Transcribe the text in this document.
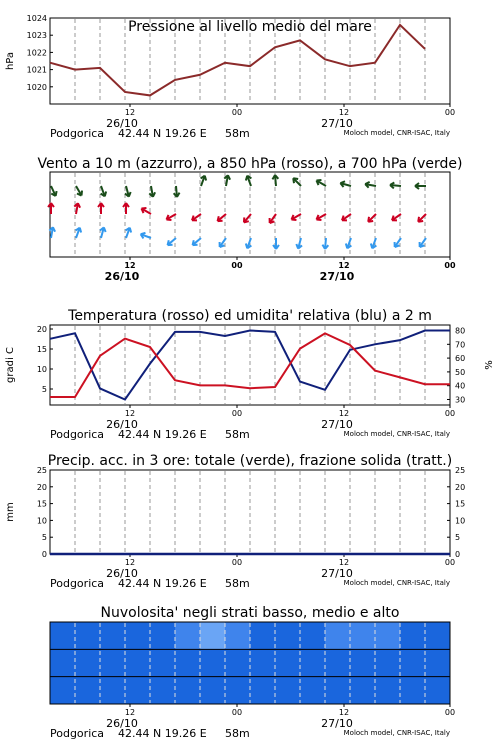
Pressione al livello medio del mare
12	00	12	00
26/10	27/10
Podgorica 42.44 N 19.26 E 58m	Moloch model, CNR-ISAC, Italy
Vento a 10 m (azzurro), a 850 hPa (rosso), a 700 hPa (verde)
12	00	12	00
26/10	27/10
Temperatura (rosso) ed umidita' relativa (blu) a 2 m
12	00	12	00
26/10	27/10
Podgorica 42.44 N 19.26 E 58m	Moloch model, CNR-ISAC, Italy
Precip. acc. in 3 ore: totale (verde), frazione solida (tratt.)
12	00	12	00
26/10	27/10
Podgorica 42.44 N 19.26 E 58m	Moloch model, CNR-ISAC, Italy
Nuvolosita' negli strati basso, medio e alto
12	00	12	00
26/10	27/10
Podgorica 42.44 N 19.26 E 58m	Moloch model, CNR-ISAC, Italy
1020
1021
1022
1023
1024
hPa
5
10
15
20
30
40
50
60
70
80
gradi C	%
0
5
10
15
20
25
0
5
10
15
20
25
mm
